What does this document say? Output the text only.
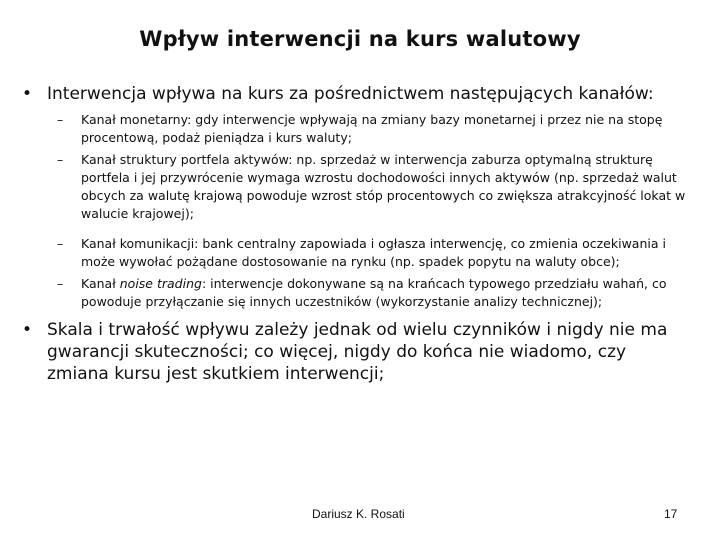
Wpływ interwencji na kurs walutowy
• Interwencja wpływa na kurs za pośrednictwem następujących kanałów:
– Kanał monetarny: gdy interwencje wpływają na zmiany bazy monetarnej i przez nie na stopę procentową, podaż pieniądza i kurs waluty;
– Kanał struktury portfela aktywów: np. sprzedaż w interwencja zaburza optymalną strukturę portfela i jej przywrócenie wymaga wzrostu dochodowości innych aktywów (np. sprzedaż walut obcych za walutę krajową powoduje wzrost stóp procentowych co zwiększa atrakcyjność lokat w walucie krajowej);
– Kanał komunikacji: bank centralny zapowiada i ogłasza interwencję, co zmienia oczekiwania i może wywołać pożądane dostosowanie na rynku (np. spadek popytu na waluty obce);
– Kanał noise trading: interwencje dokonywane są na krańcach typowego przedziału wahań, co powoduje przyłączanie się innych uczestników (wykorzystanie analizy technicznej);
• Skala i trwałość wpływu zależy jednak od wielu czynników i nigdy nie ma gwarancji skuteczności; co więcej, nigdy do końca nie wiadomo, czy zmiana kursu jest skutkiem interwencji;
Dariusz K. Rosati	17
